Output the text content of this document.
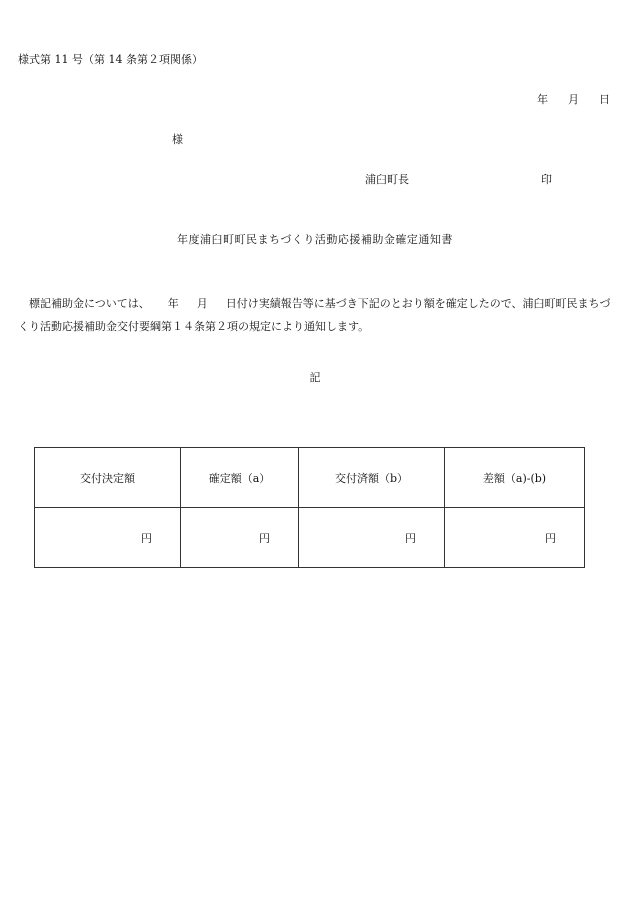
様式第 11 号（第 14 条第２項関係）
年 月 日
様
浦臼町長	印
年度浦臼町町民まちづくり活動応援補助金確定通知書
　標記補助金については、 年 月 日付け実績報告等に基づき下記のとおり額を確定したので、浦臼町町民まちづくり活動応援補助金交付要綱第１４条第２項の規定により通知します。
記
交付決定額	確定額（a）	交付済額（b）	差額（a)-(b)
円	円	円	円
